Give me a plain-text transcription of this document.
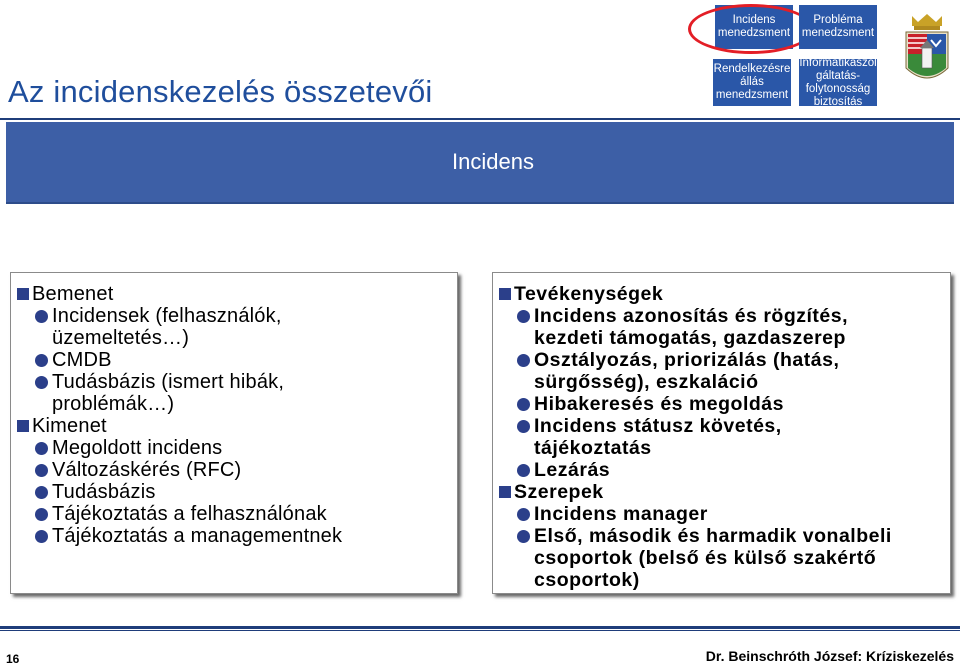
Az incidenskezelés összetevői
Incidens
menedzsment
Probléma
menedzsment
Rendelkezésre
állás
menedzsment
Informatikaszol
gáltatás-
folytonosság
biztosítás
Incidens
Bemenet
Incidensek (felhasználók,
üzemeltetés…)
CMDB
Tudásbázis (ismert hibák,
problémák…)
Kimenet
Megoldott incidens
Változáskérés (RFC)
Tudásbázis
Tájékoztatás a felhasználónak
Tájékoztatás a managementnek
Tevékenységek
Incidens azonosítás és rögzítés,
kezdeti támogatás, gazdaszerep
Osztályozás, priorizálás (hatás,
sürgősség), eszkaláció
Hibakeresés és megoldás
Incidens státusz követés,
tájékoztatás
Lezárás
Szerepek
Incidens manager
Első, második és harmadik vonalbeli
csoportok (belső és külső szakértő
csoportok)
16	Dr. Beinschróth József: Kríziskezelés
